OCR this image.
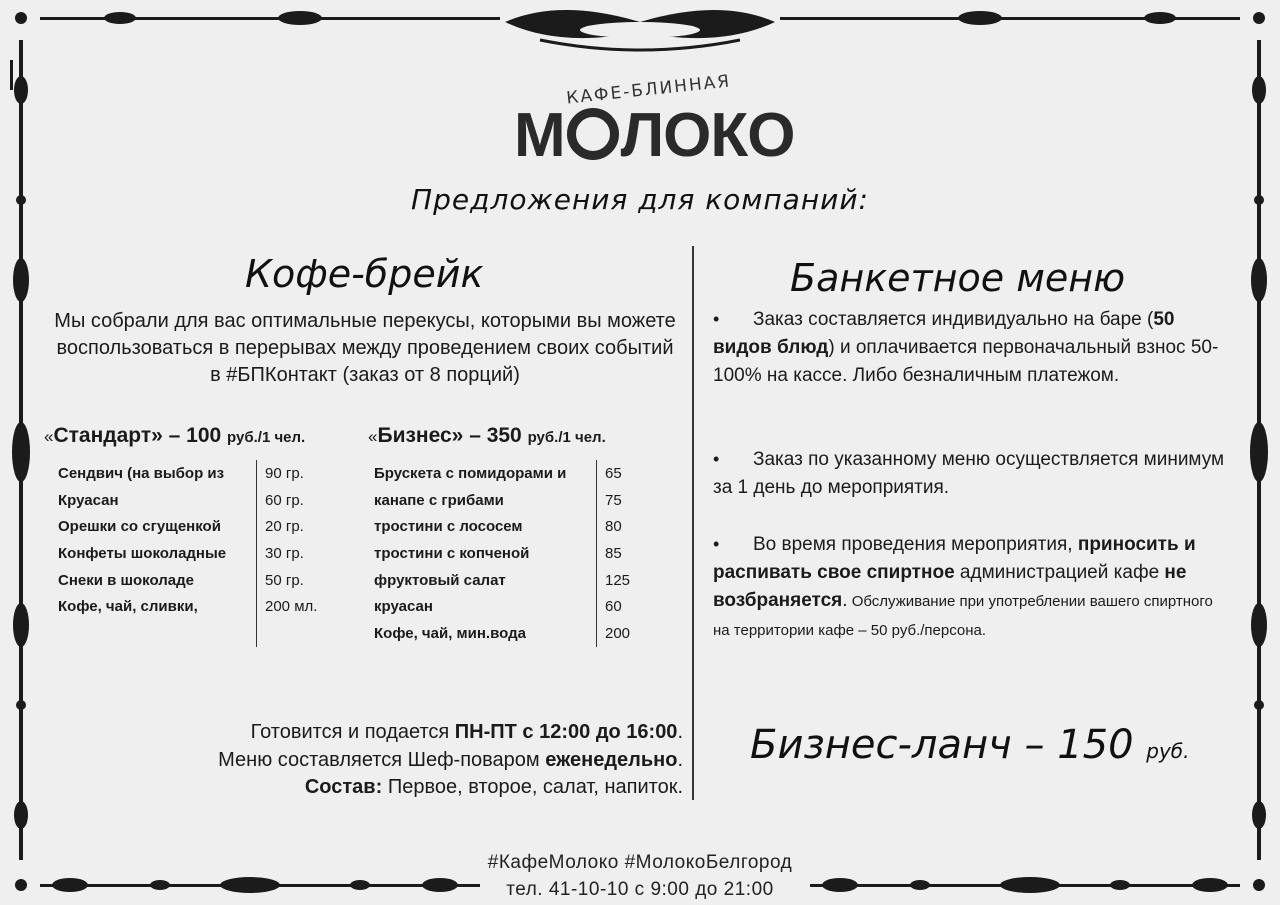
КАФЕ-БЛИННАЯ
М ЛОКО
Предложения для компаний:
Кофе-брейк
Мы собрали для вас оптимальные перекусы, которыми вы можете воспользоваться в перерывах между проведением своих событий в #БПКонтакт (заказ от 8 порций)
«Стандарт» – 100 руб./1 чел.	«Бизнес» – 350 руб./1 чел.
Сендвич (на выбор из	90 гр.
Круасан	60 гр.
Орешки со сгущенкой	20 гр.
Конфеты шоколадные	30 гр.
Снеки в шоколаде	50 гр.
Кофе, чай, сливки,	200 мл.

Брускета с помидорами и	65
канапе с грибами	75
тростини с лососем	80
тростини с копченой	85
фруктовый салат	125
круасан	60
Кофе, чай, мин.вода	200
Банкетное меню
• Заказ составляется индивидуально на баре (50 видов блюд) и оплачивается первоначальный взнос 50-100% на кассе. Либо безналичным платежом.
• Заказ по указанному меню осуществляется минимум за 1 день до мероприятия.
• Во время проведения мероприятия, приносить и распивать свое спиртное администрацией кафе не возбраняется. Обслуживание при употреблении вашего спиртного на территории кафе – 50 руб./персона.
Готовится и подается ПН-ПТ с 12:00 до 16:00.
Меню составляется Шеф-поваром еженедельно.
Состав: Первое, второе, салат, напиток.
Бизнес-ланч – 150 руб.
#КафеМолоко #МолокоБелгород
тел. 41-10-10 с 9:00 до 21:00
